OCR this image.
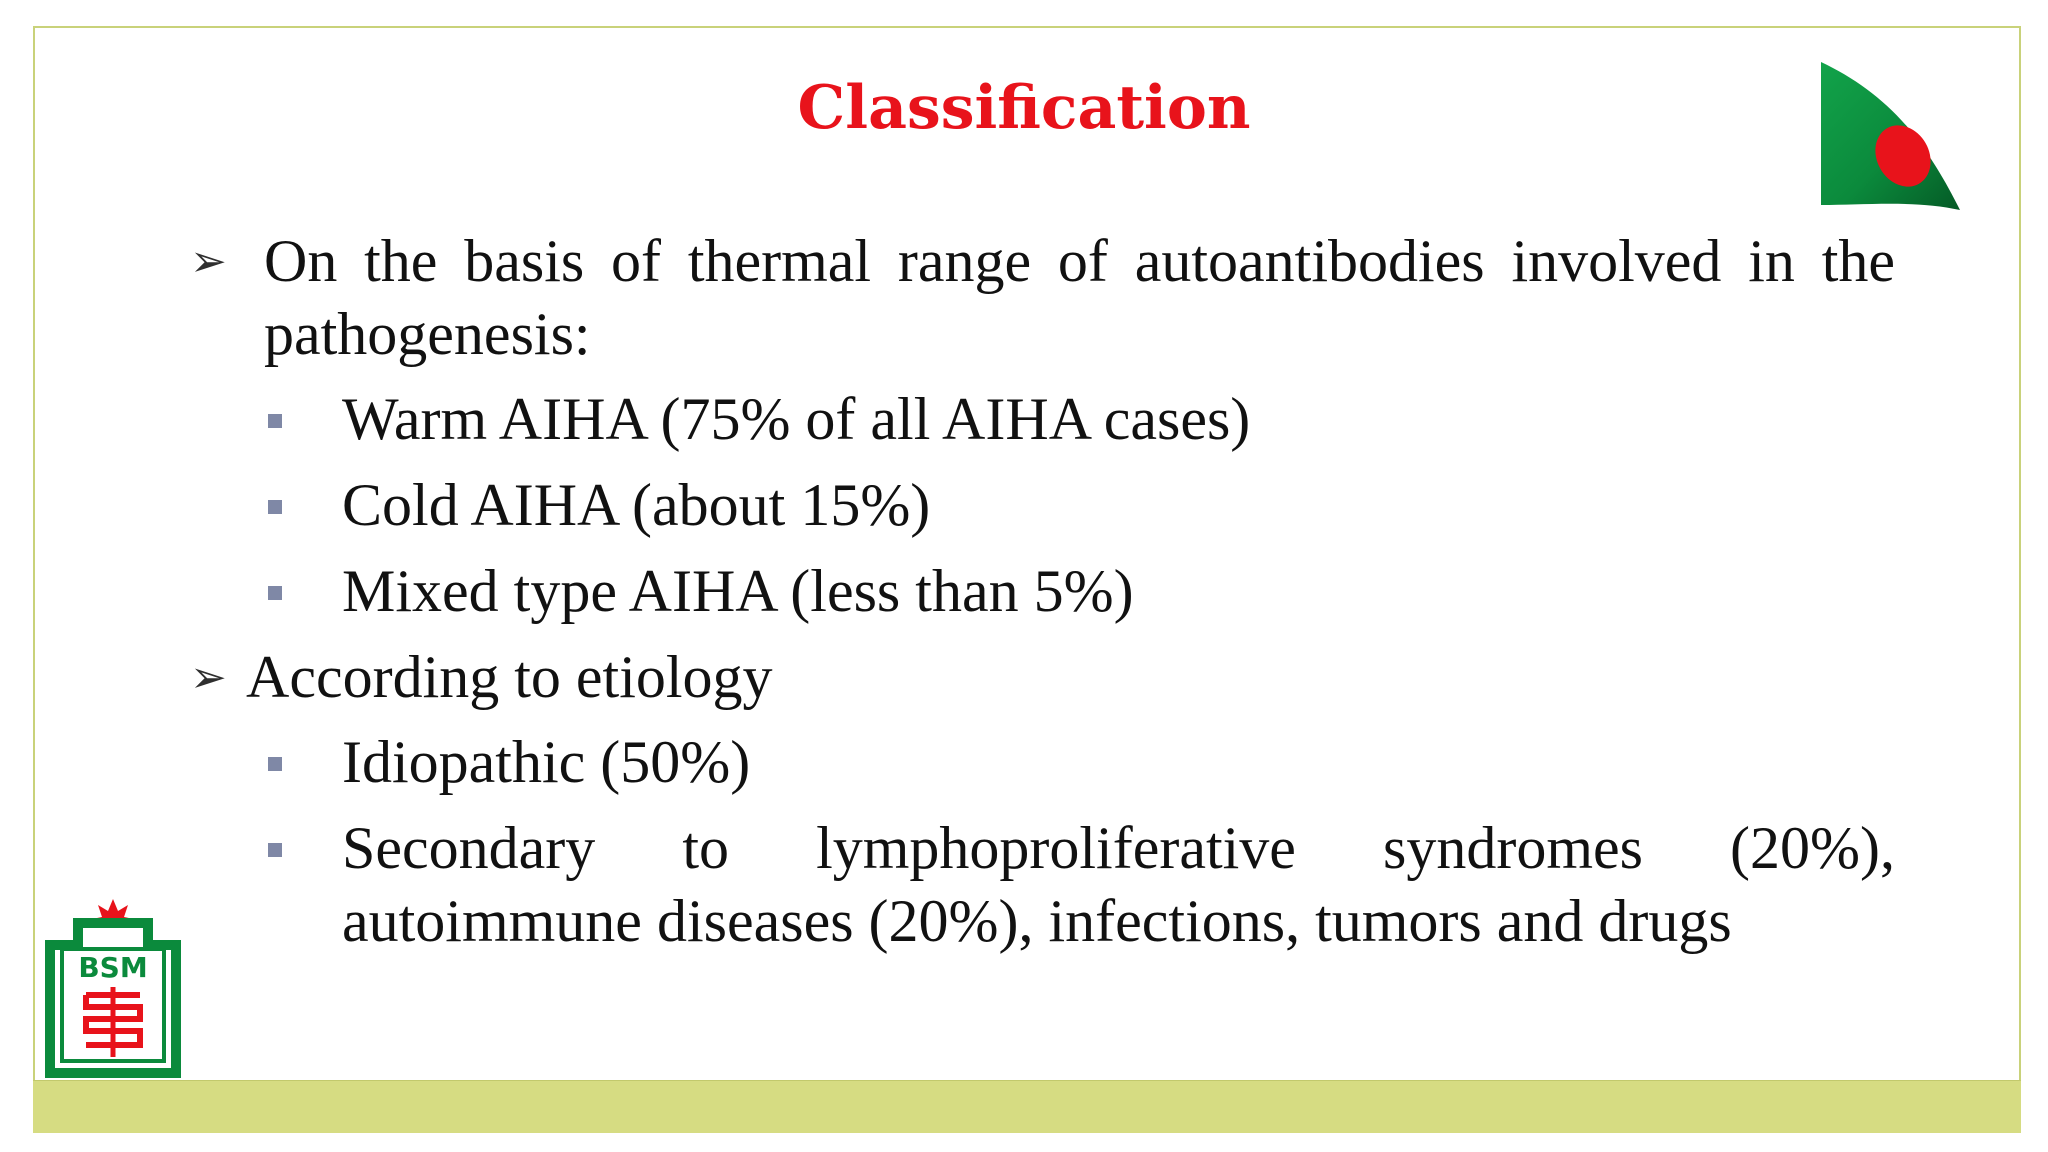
Classification
➢ On the basis of thermal range of autoantibodies involved in the pathogenesis:
Warm AIHA (75% of all AIHA cases)
Cold AIHA (about 15%)
Mixed type AIHA (less than 5%)
➢ According to etiology
Idiopathic (50%)
Secondary to lymphoproliferative syndromes (20%), autoimmune diseases (20%), infections, tumors and drugs
BSM
